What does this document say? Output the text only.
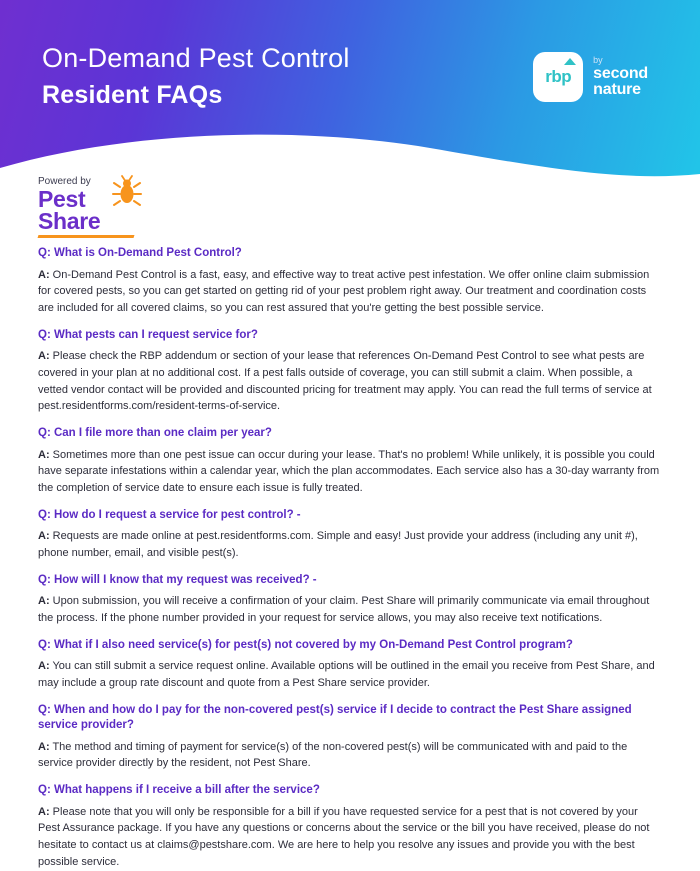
On-Demand Pest Control
Resident FAQs
rbp
by
second
nature
Powered by
Pest
Share
Q: What is On-Demand Pest Control?
A: On-Demand Pest Control is a fast, easy, and effective way to treat active pest infestation. We offer online claim submission for covered pests, so you can get started on getting rid of your pest problem right away. Our treatment and coordination costs are included for all covered claims, so you can rest assured that you're getting the best possible service.
Q: What pests can I request service for?
A: Please check the RBP addendum or section of your lease that references On-Demand Pest Control to see what pests are covered in your plan at no additional cost. If a pest falls outside of coverage, you can still submit a claim. When possible, a vetted vendor contact will be provided and discounted pricing for treatment may apply. You can read the full terms of service at pest.residentforms.com/resident-terms-of-service.
Q: Can I file more than one claim per year?
A: Sometimes more than one pest issue can occur during your lease. That's no problem! While unlikely, it is possible you could have separate infestations within a calendar year, which the plan accommodates. Each service also has a 30-day warranty from the completion of service date to ensure each issue is fully treated.
Q: How do I request a service for pest control? -
A: Requests are made online at pest.residentforms.com. Simple and easy! Just provide your address (including any unit #), phone number, email, and visible pest(s).
Q: How will I know that my request was received? -
A: Upon submission, you will receive a confirmation of your claim. Pest Share will primarily communicate via email throughout the process. If the phone number provided in your request for service allows, you may also receive text notifications.
Q: What if I also need service(s) for pest(s) not covered by my On-Demand Pest Control program?
A: You can still submit a service request online. Available options will be outlined in the email you receive from Pest Share, and may include a group rate discount and quote from a Pest Share service provider.
Q: When and how do I pay for the non-covered pest(s) service if I decide to contract the Pest Share assigned service provider?
A: The method and timing of payment for service(s) of the non-covered pest(s) will be communicated with and paid to the service provider directly by the resident, not Pest Share.
Q: What happens if I receive a bill after the service?
A: Please note that you will only be responsible for a bill if you have requested service for a pest that is not covered by your Pest Assurance package. If you have any questions or concerns about the service or the bill you have received, please do not hesitate to contact us at claims@pestshare.com. We are here to help you resolve any issues and provide you with the best possible service.
